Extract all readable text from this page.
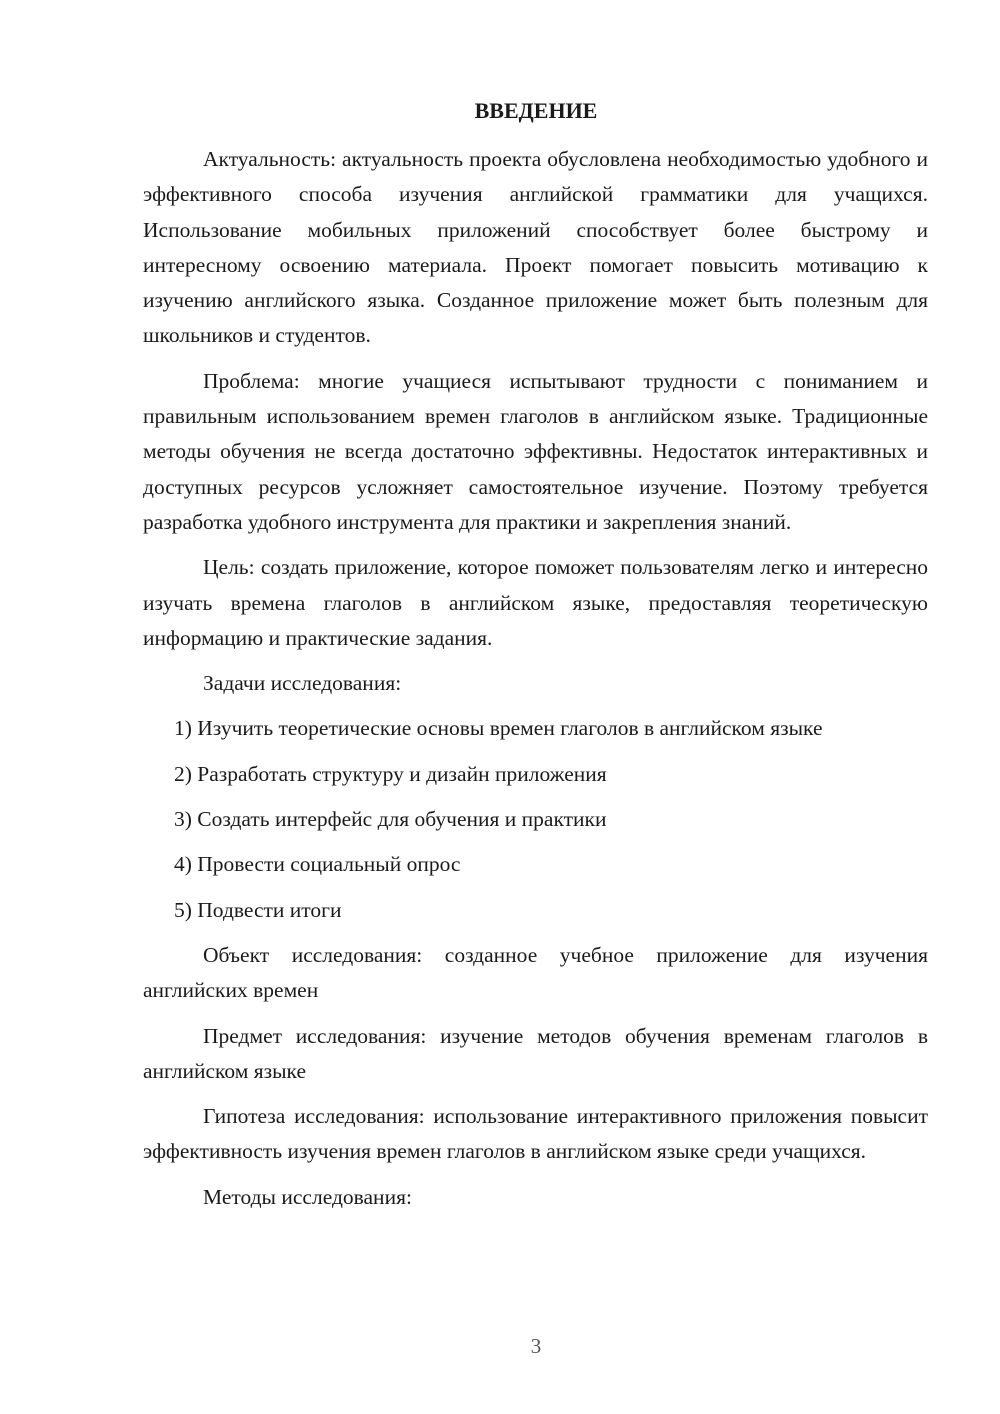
ВВЕДЕНИЕ

Актуальность: актуальность проекта обусловлена необходимостью удобного и эффективного способа изучения английской грамматики для учащихся. Использование мобильных приложений способствует более быстрому и интересному освоению материала. Проект помогает повысить мотивацию к изучению английского языка. Созданное приложение может быть полезным для школьников и студентов.

Проблема: многие учащиеся испытывают трудности с пониманием и правильным использованием времен глаголов в английском языке. Традиционные методы обучения не всегда достаточно эффективны. Недостаток интерактивных и доступных ресурсов усложняет самостоятельное изучение. Поэтому требуется разработка удобного инструмента для практики и закрепления знаний.

Цель: создать приложение, которое поможет пользователям легко и интересно изучать времена глаголов в английском языке, предоставляя теоретическую информацию и практические задания.

Задачи исследования:

1) Изучить теоретические основы времен глаголов в английском языке

2) Разработать структуру и дизайн приложения

3) Создать интерфейс для обучения и практики

4) Провести социальный опрос

5) Подвести итоги

Объект исследования: созданное учебное приложение для изучения английских времен

Предмет исследования: изучение методов обучения временам глаголов в английском языке

Гипотеза исследования: использование интерактивного приложения повысит эффективность изучения времен глаголов в английском языке среди учащихся.

Методы исследования:

3
